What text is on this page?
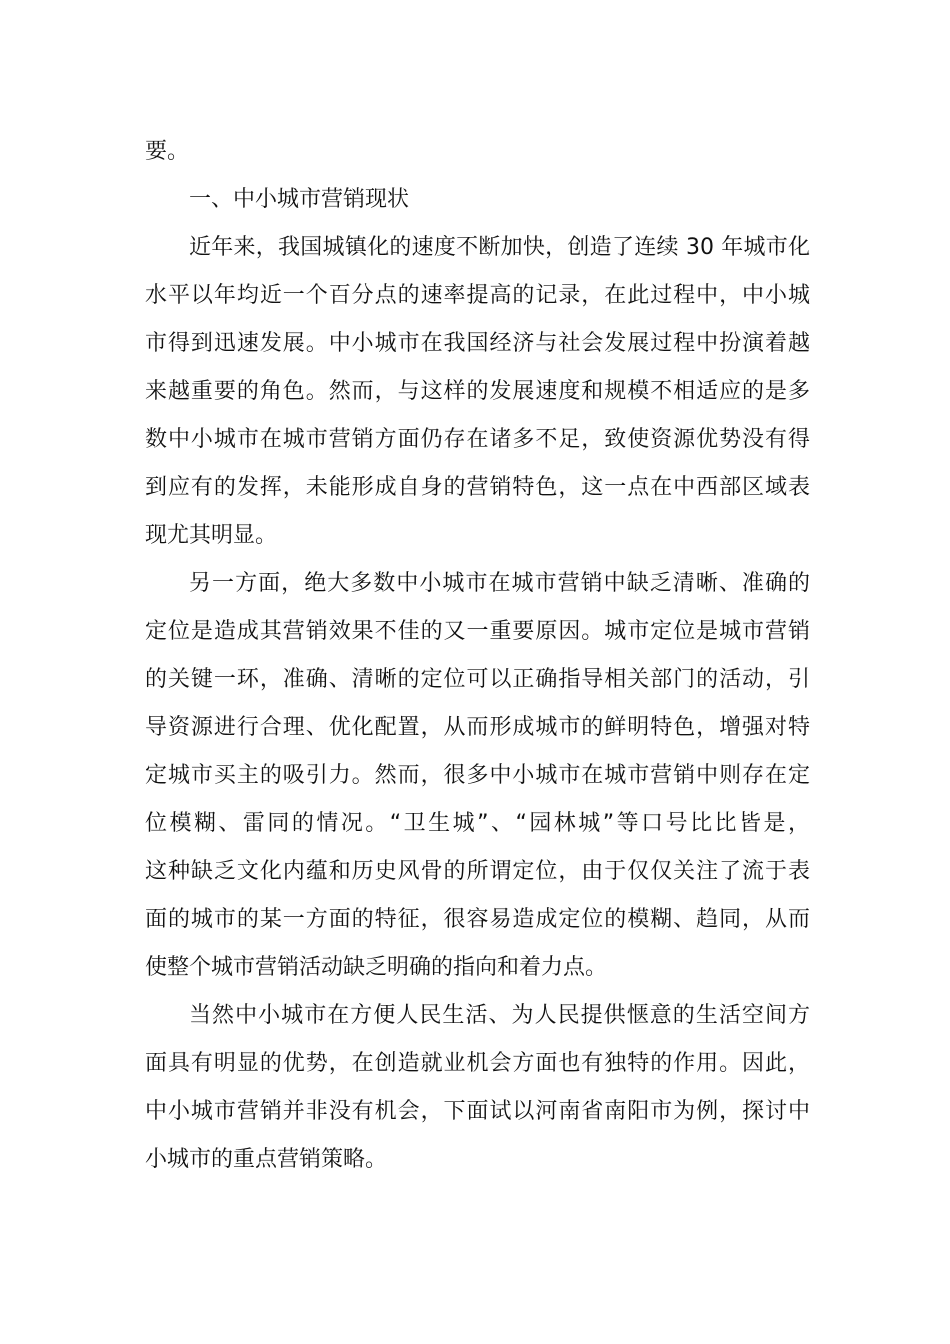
要。

一、中小城市营销现状

近年来，我国城镇化的速度不断加快，创造了连续 30 年城市化

水平以年均近一个百分点的速率提高的记录，在此过程中，中小城

市得到迅速发展。中小城市在我国经济与社会发展过程中扮演着越

来越重要的角色。然而，与这样的发展速度和规模不相适应的是多

数中小城市在城市营销方面仍存在诸多不足，致使资源优势没有得

到应有的发挥，未能形成自身的营销特色，这一点在中西部区域表

现尤其明显。

另一方面，绝大多数中小城市在城市营销中缺乏清晰、准确的

定位是造成其营销效果不佳的又一重要原因。城市定位是城市营销

的关键一环，准确、清晰的定位可以正确指导相关部门的活动，引

导资源进行合理、优化配置，从而形成城市的鲜明特色，增强对特

定城市买主的吸引力。然而，很多中小城市在城市营销中则存在定

位模糊、雷同的情况。“卫生城”、“园林城”等口号比比皆是，

这种缺乏文化内蕴和历史风骨的所谓定位，由于仅仅关注了流于表

面的城市的某一方面的特征，很容易造成定位的模糊、趋同，从而

使整个城市营销活动缺乏明确的指向和着力点。

当然中小城市在方便人民生活、为人民提供惬意的生活空间方

面具有明显的优势，在创造就业机会方面也有独特的作用。因此，

中小城市营销并非没有机会，下面试以河南省南阳市为例，探讨中

小城市的重点营销策略。
